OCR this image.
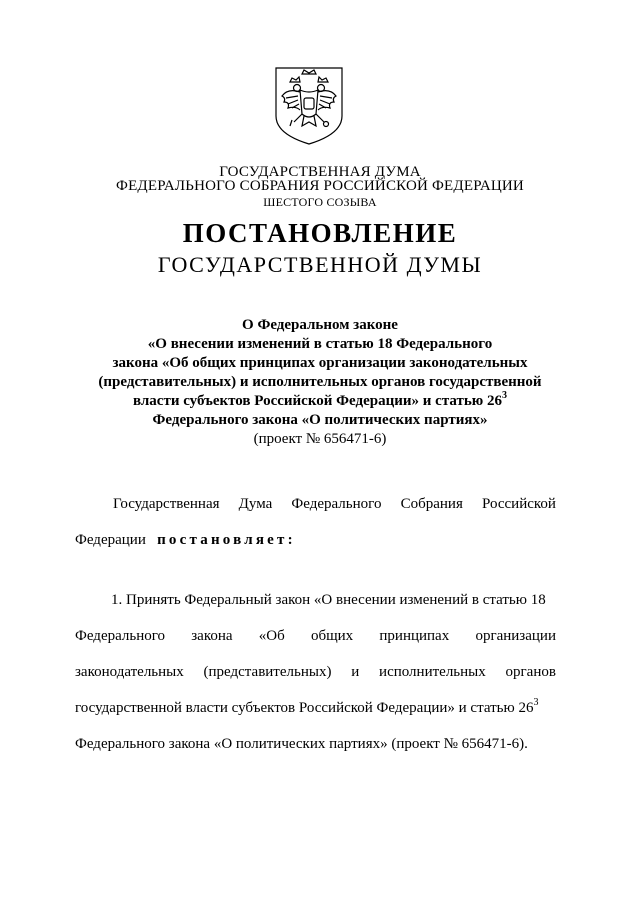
ГОСУДАРСТВЕННАЯ ДУМА
ФЕДЕРАЛЬНОГО СОБРАНИЯ РОССИЙСКОЙ ФЕДЕРАЦИИ
ШЕСТОГО СОЗЫВА
ПОСТАНОВЛЕНИЕ
ГОСУДАРСТВЕННОЙ ДУМЫ
О Федеральном законе
«О внесении изменений в статью 18 Федерального
закона «Об общих принципах организации законодательных
(представительных) и исполнительных органов государственной
власти субъектов Российской Федерации» и статью $26^3$
Федерального закона «О политических партиях»
(проект № 656471-6)
Государственная Дума Федерального Собрания Российской
Федерации постановляет:
1. Принять Федеральный закон «О внесении изменений в статью 18
Федерального закона «Об общих принципах организации
законодательных (представительных) и исполнительных органов
государственной власти субъектов Российской Федерации» и статью $26^3$
Федерального закона «О политических партиях» (проект № 656471-6).
